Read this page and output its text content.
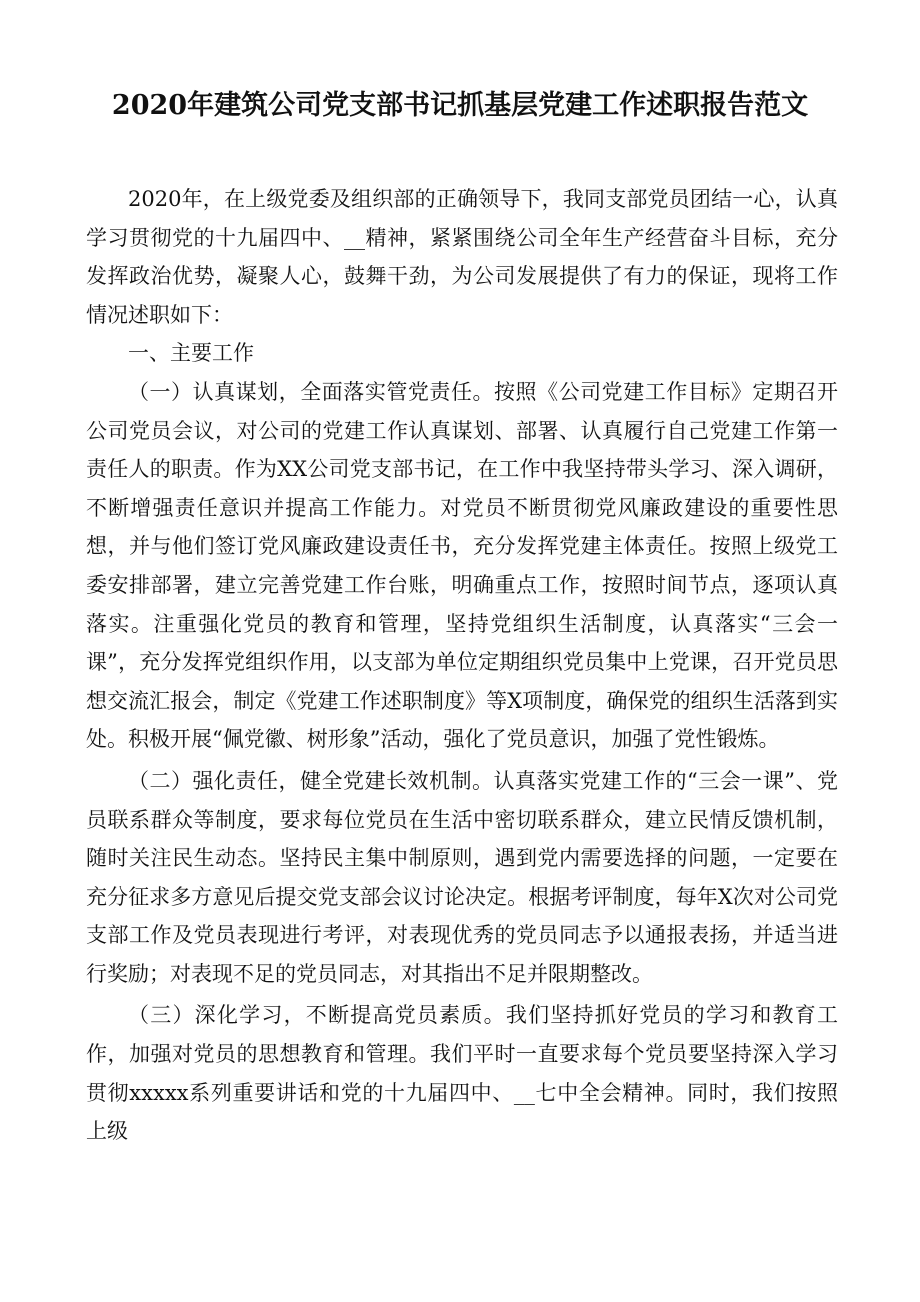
2020年建筑公司党支部书记抓基层党建工作述职报告范文

2020年，在上级党委及组织部的正确领导下，我同支部党员团结一心，认真学习贯彻党的十九届四中、__精神，紧紧围绕公司全年生产经营奋斗目标，充分发挥政治优势，凝聚人心，鼓舞干劲，为公司发展提供了有力的保证，现将工作情况述职如下：

一、主要工作

（一）认真谋划，全面落实管党责任。按照《公司党建工作目标》定期召开公司党员会议，对公司的党建工作认真谋划、部署、认真履行自己党建工作第一责任人的职责。作为XX公司党支部书记，在工作中我坚持带头学习、深入调研，不断增强责任意识并提高工作能力。对党员不断贯彻党风廉政建设的重要性思想，并与他们签订党风廉政建设责任书，充分发挥党建主体责任。按照上级党工委安排部署，建立完善党建工作台账，明确重点工作，按照时间节点，逐项认真落实。注重强化党员的教育和管理，坚持党组织生活制度，认真落实“三会一课”，充分发挥党组织作用，以支部为单位定期组织党员集中上党课，召开党员思想交流汇报会，制定《党建工作述职制度》等X项制度，确保党的组织生活落到实处。积极开展“佩党徽、树形象”活动，强化了党员意识，加强了党性锻炼。

（二）强化责任，健全党建长效机制。认真落实党建工作的“三会一课”、党员联系群众等制度，要求每位党员在生活中密切联系群众，建立民情反馈机制，随时关注民生动态。坚持民主集中制原则，遇到党内需要选择的问题，一定要在充分征求多方意见后提交党支部会议讨论决定。根据考评制度，每年X次对公司党支部工作及党员表现进行考评，对表现优秀的党员同志予以通报表扬，并适当进行奖励；对表现不足的党员同志，对其指出不足并限期整改。

（三）深化学习，不断提高党员素质。我们坚持抓好党员的学习和教育工作，加强对党员的思想教育和管理。我们平时一直要求每个党员要坚持深入学习贯彻xxxxx系列重要讲话和党的十九届四中、__七中全会精神。同时，我们按照上级
